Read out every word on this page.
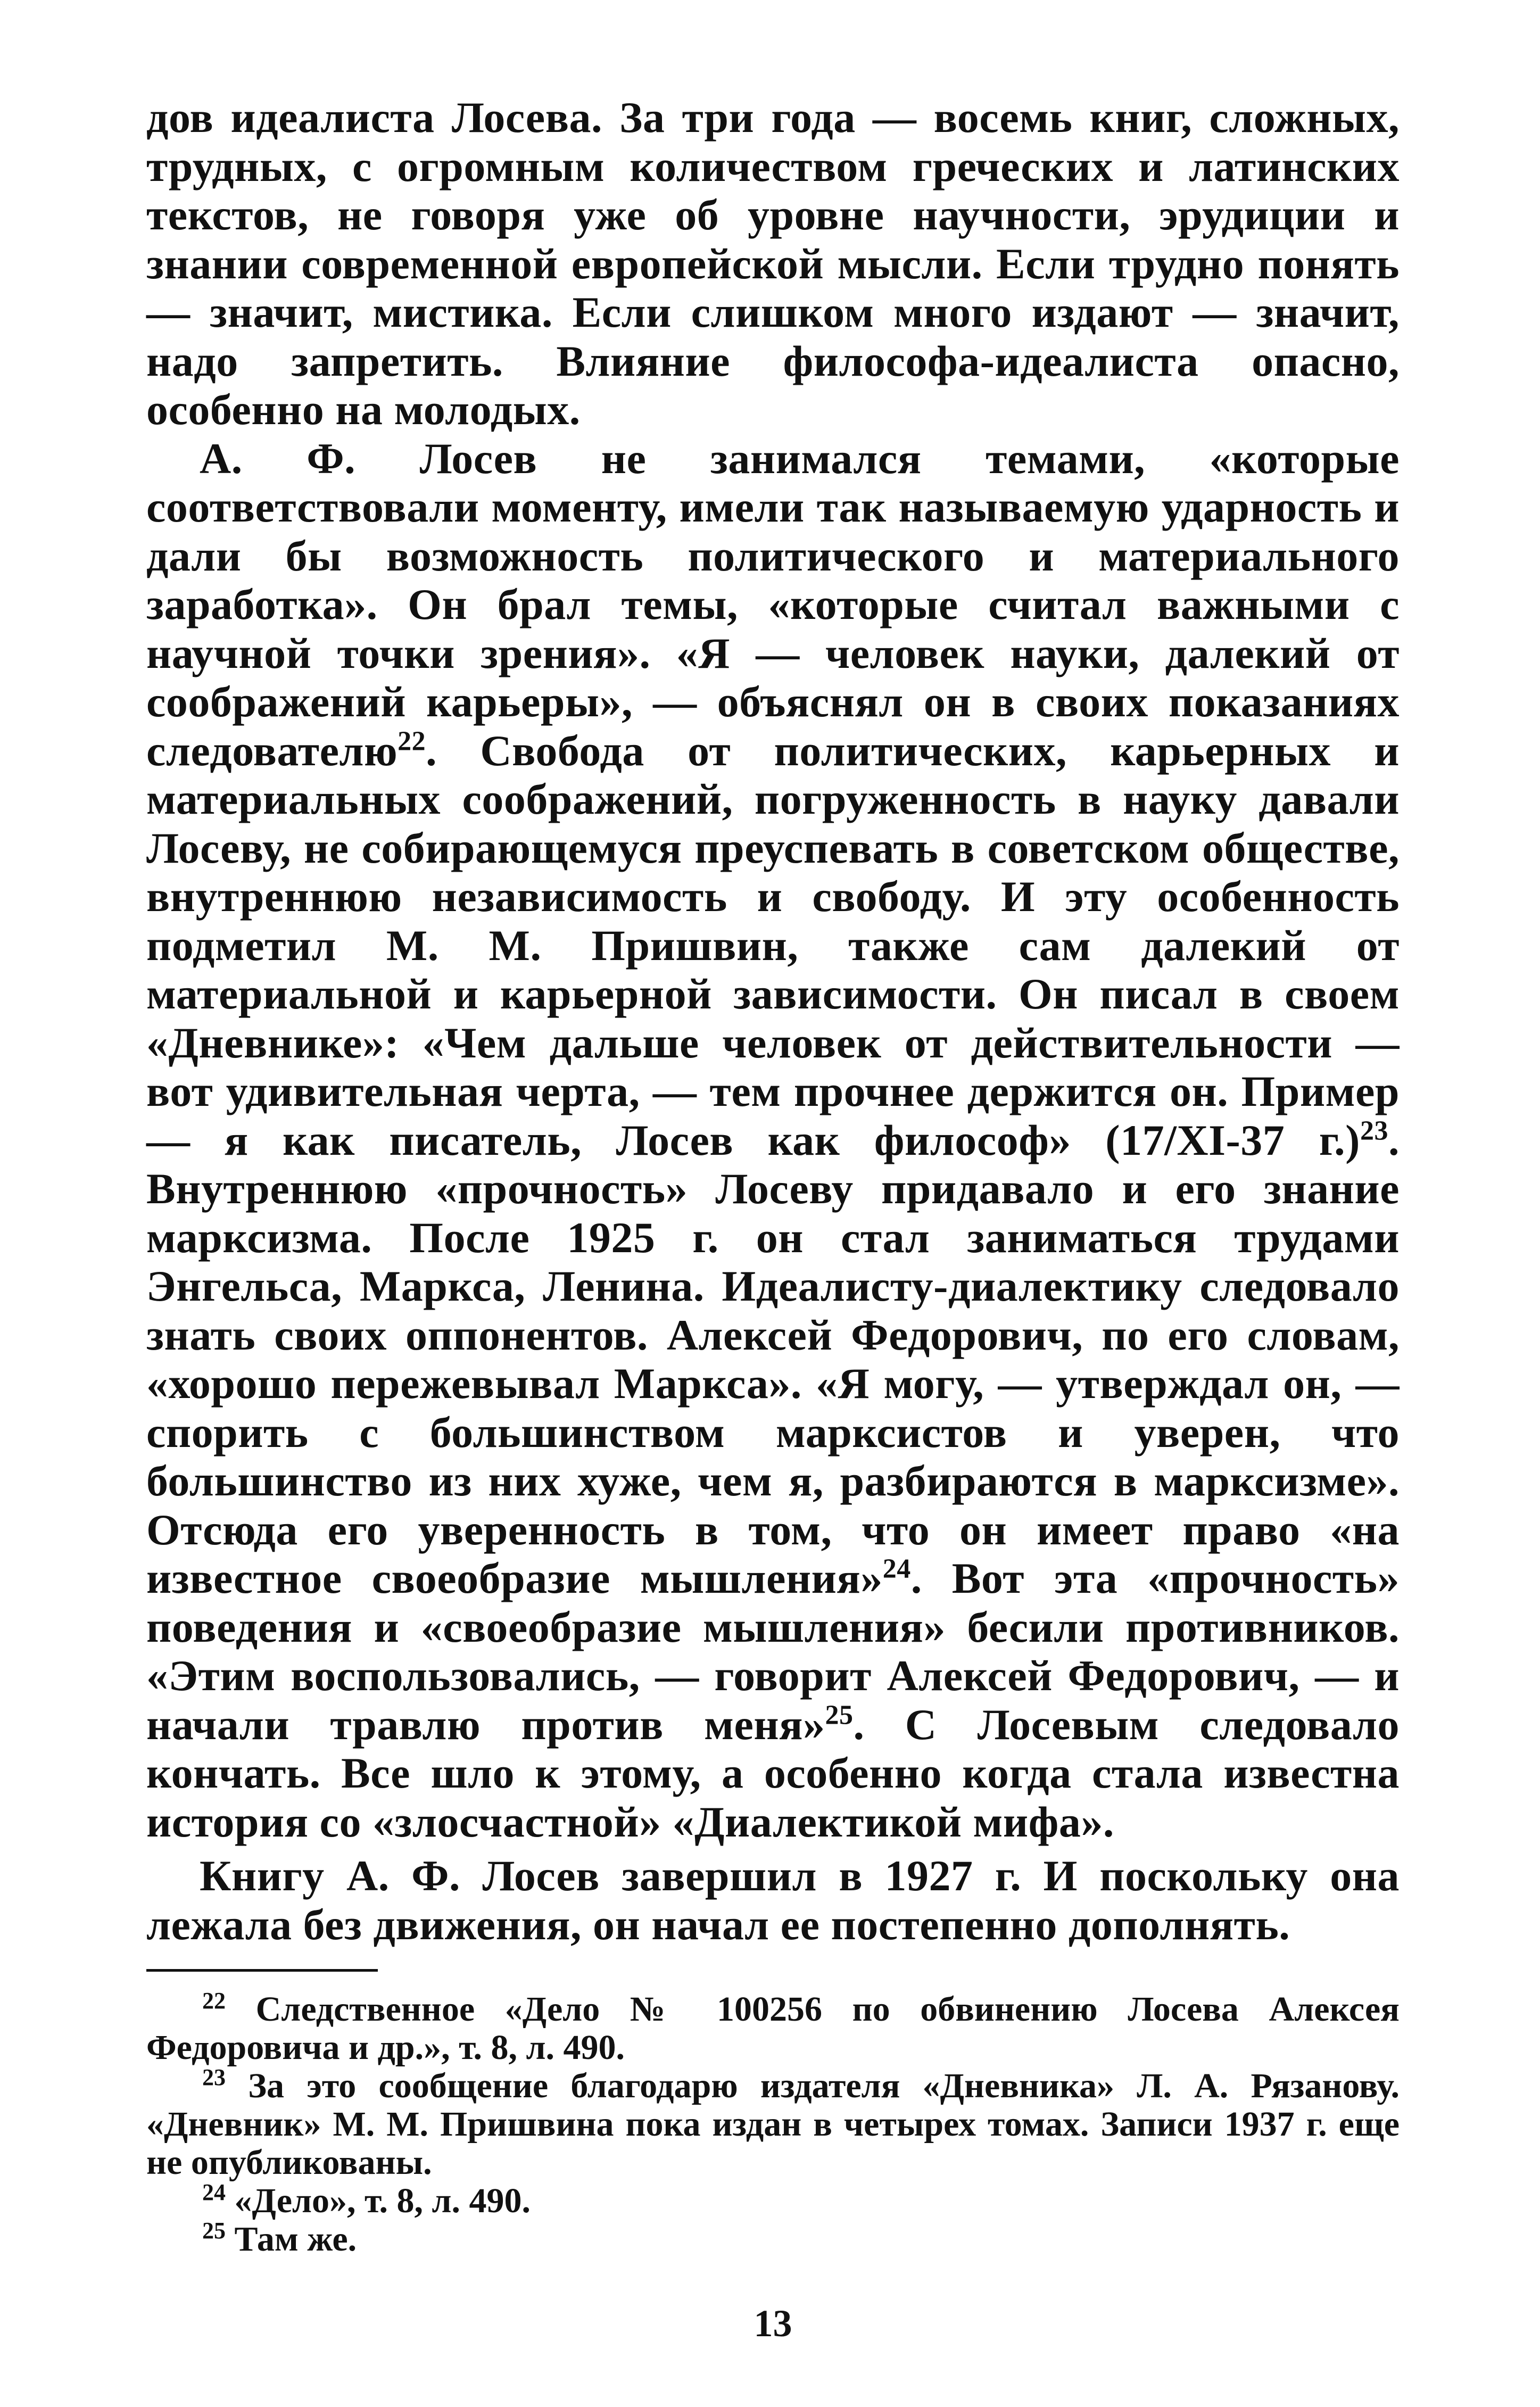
дов идеалиста Лосева. За три года — восемь книг, сложных, трудных, с огромным количеством греческих и латинских текстов, не говоря уже об уровне научности, эрудиции и знании современной европейской мысли. Если трудно понять — значит, мистика. Если слишком много издают — значит, надо запретить. Влияние философа-идеалиста опасно, особенно на молодых.

А. Ф. Лосев не занимался темами, «которые соответствовали моменту, имели так называемую ударность и дали бы возможность политического и материального заработка». Он брал темы, «которые считал важными с научной точки зрения». «Я — человек науки, далекий от соображений карьеры», — объяснял он в своих показаниях следователю$^{22}$. Свобода от политических, карьерных и материальных соображений, погруженность в науку давали Лосеву, не собирающемуся преуспевать в советском обществе, внутреннюю независимость и свободу. И эту особенность подметил М. М. Пришвин, также сам далекий от материальной и карьерной зависимости. Он писал в своем «Дневнике»: «Чем дальше человек от действительности — вот удивительная черта, — тем прочнее держится он. Пример — я как писатель, Лосев как философ» (17/XI-37 г.)$^{23}$. Внутреннюю «прочность» Лосеву придавало и его знание марксизма. После 1925 г. он стал заниматься трудами Энгельса, Маркса, Ленина. Идеалисту-диалектику следовало знать своих оппонентов. Алексей Федорович, по его словам, «хорошо пережевывал Маркса». «Я могу, — утверждал он, — спорить с большинством марксистов и уверен, что большинство из них хуже, чем я, разбираются в марксизме». Отсюда его уверенность в том, что он имеет право «на известное своеобразие мышления»$^{24}$. Вот эта «прочность» поведения и «своеобразие мышления» бесили противников. «Этим воспользовались, — говорит Алексей Федорович, — и начали травлю против меня»$^{25}$. С Лосевым следовало кончать. Все шло к этому, а особенно когда стала известна история со «злосчастной» «Диалектикой мифа».

Книгу А. Ф. Лосев завершил в 1927 г. И поскольку она лежала без движения, он начал ее постепенно дополнять.

$^{22}$ Следственное «Дело № 100256 по обвинению Лосева Алексея Федоровича и др.», т. 8, л. 490.

$^{23}$ За это сообщение благодарю издателя «Дневника» Л. А. Рязанову. «Дневник» М. М. Пришвина пока издан в четырех томах. Записи 1937 г. еще не опубликованы.

$^{24}$ «Дело», т. 8, л. 490.

$^{25}$ Там же.

13
